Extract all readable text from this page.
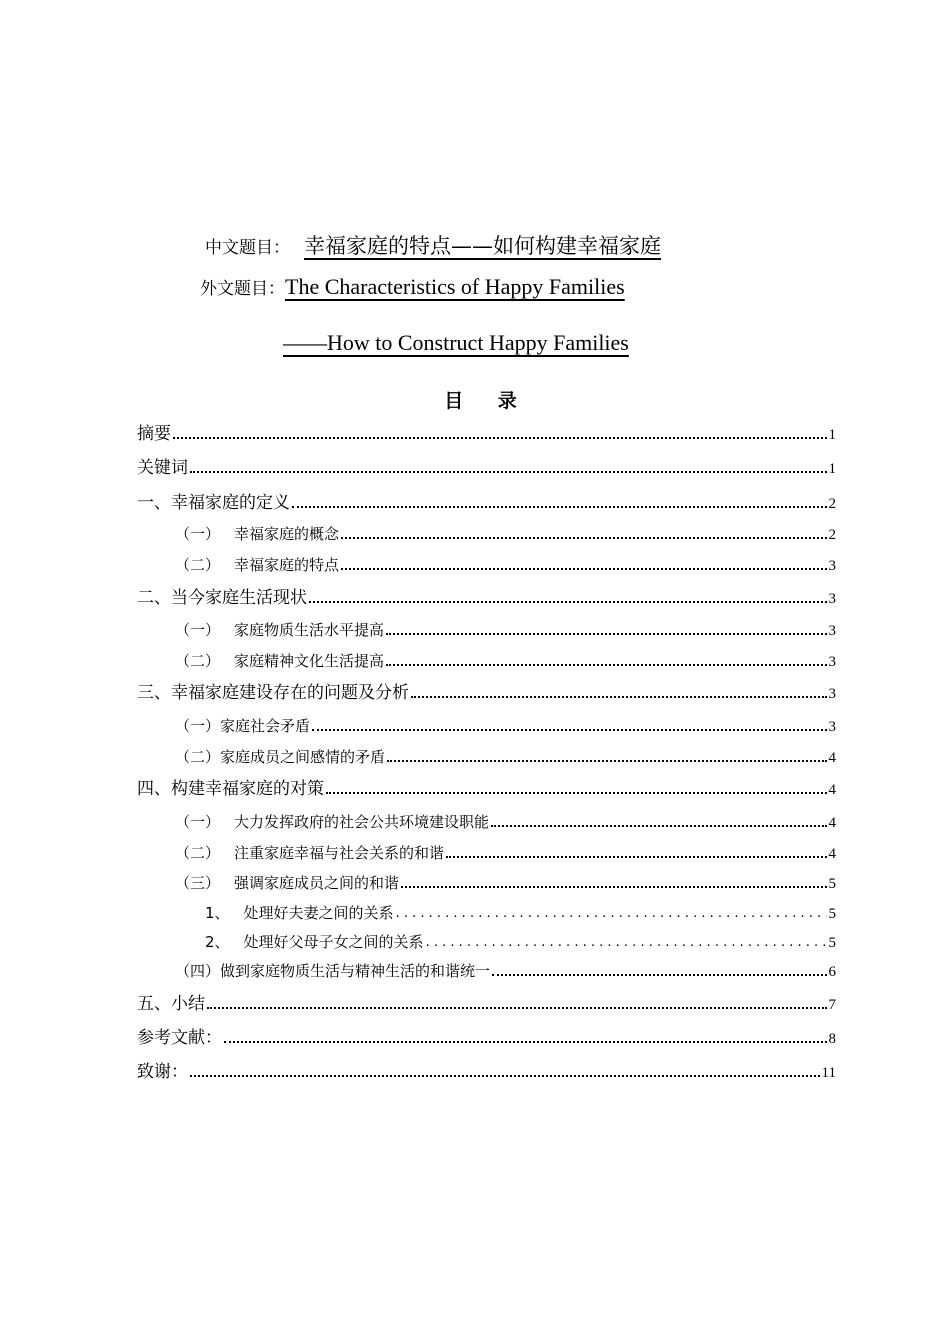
中文题目： 幸福家庭的特点——如何构建幸福家庭
外文题目：The Characteristics of Happy Families
——How to Construct Happy Families
目 录
摘要	1
关键词	1
一、幸福家庭的定义	2
（一） 幸福家庭的概念	2
（二） 幸福家庭的特点	3
二、当今家庭生活现状	3
（一） 家庭物质生活水平提高	3
（二） 家庭精神文化生活提高	3
三、幸福家庭建设存在的问题及分析	3
（一）家庭社会矛盾	3
（二）家庭成员之间感情的矛盾	4
四、构建幸福家庭的对策	4
（一） 大力发挥政府的社会公共环境建设职能	4
（二） 注重家庭幸福与社会关系的和谐	4
（三） 强调家庭成员之间的和谐	5
1、 处理好夫妻之间的关系 . . .	5
2、 处理好父母子女之间的关系 . . .	5
（四）做到家庭物质生活与精神生活的和谐统一	6
五、小结	7
参考文献：	8
致谢：	11
